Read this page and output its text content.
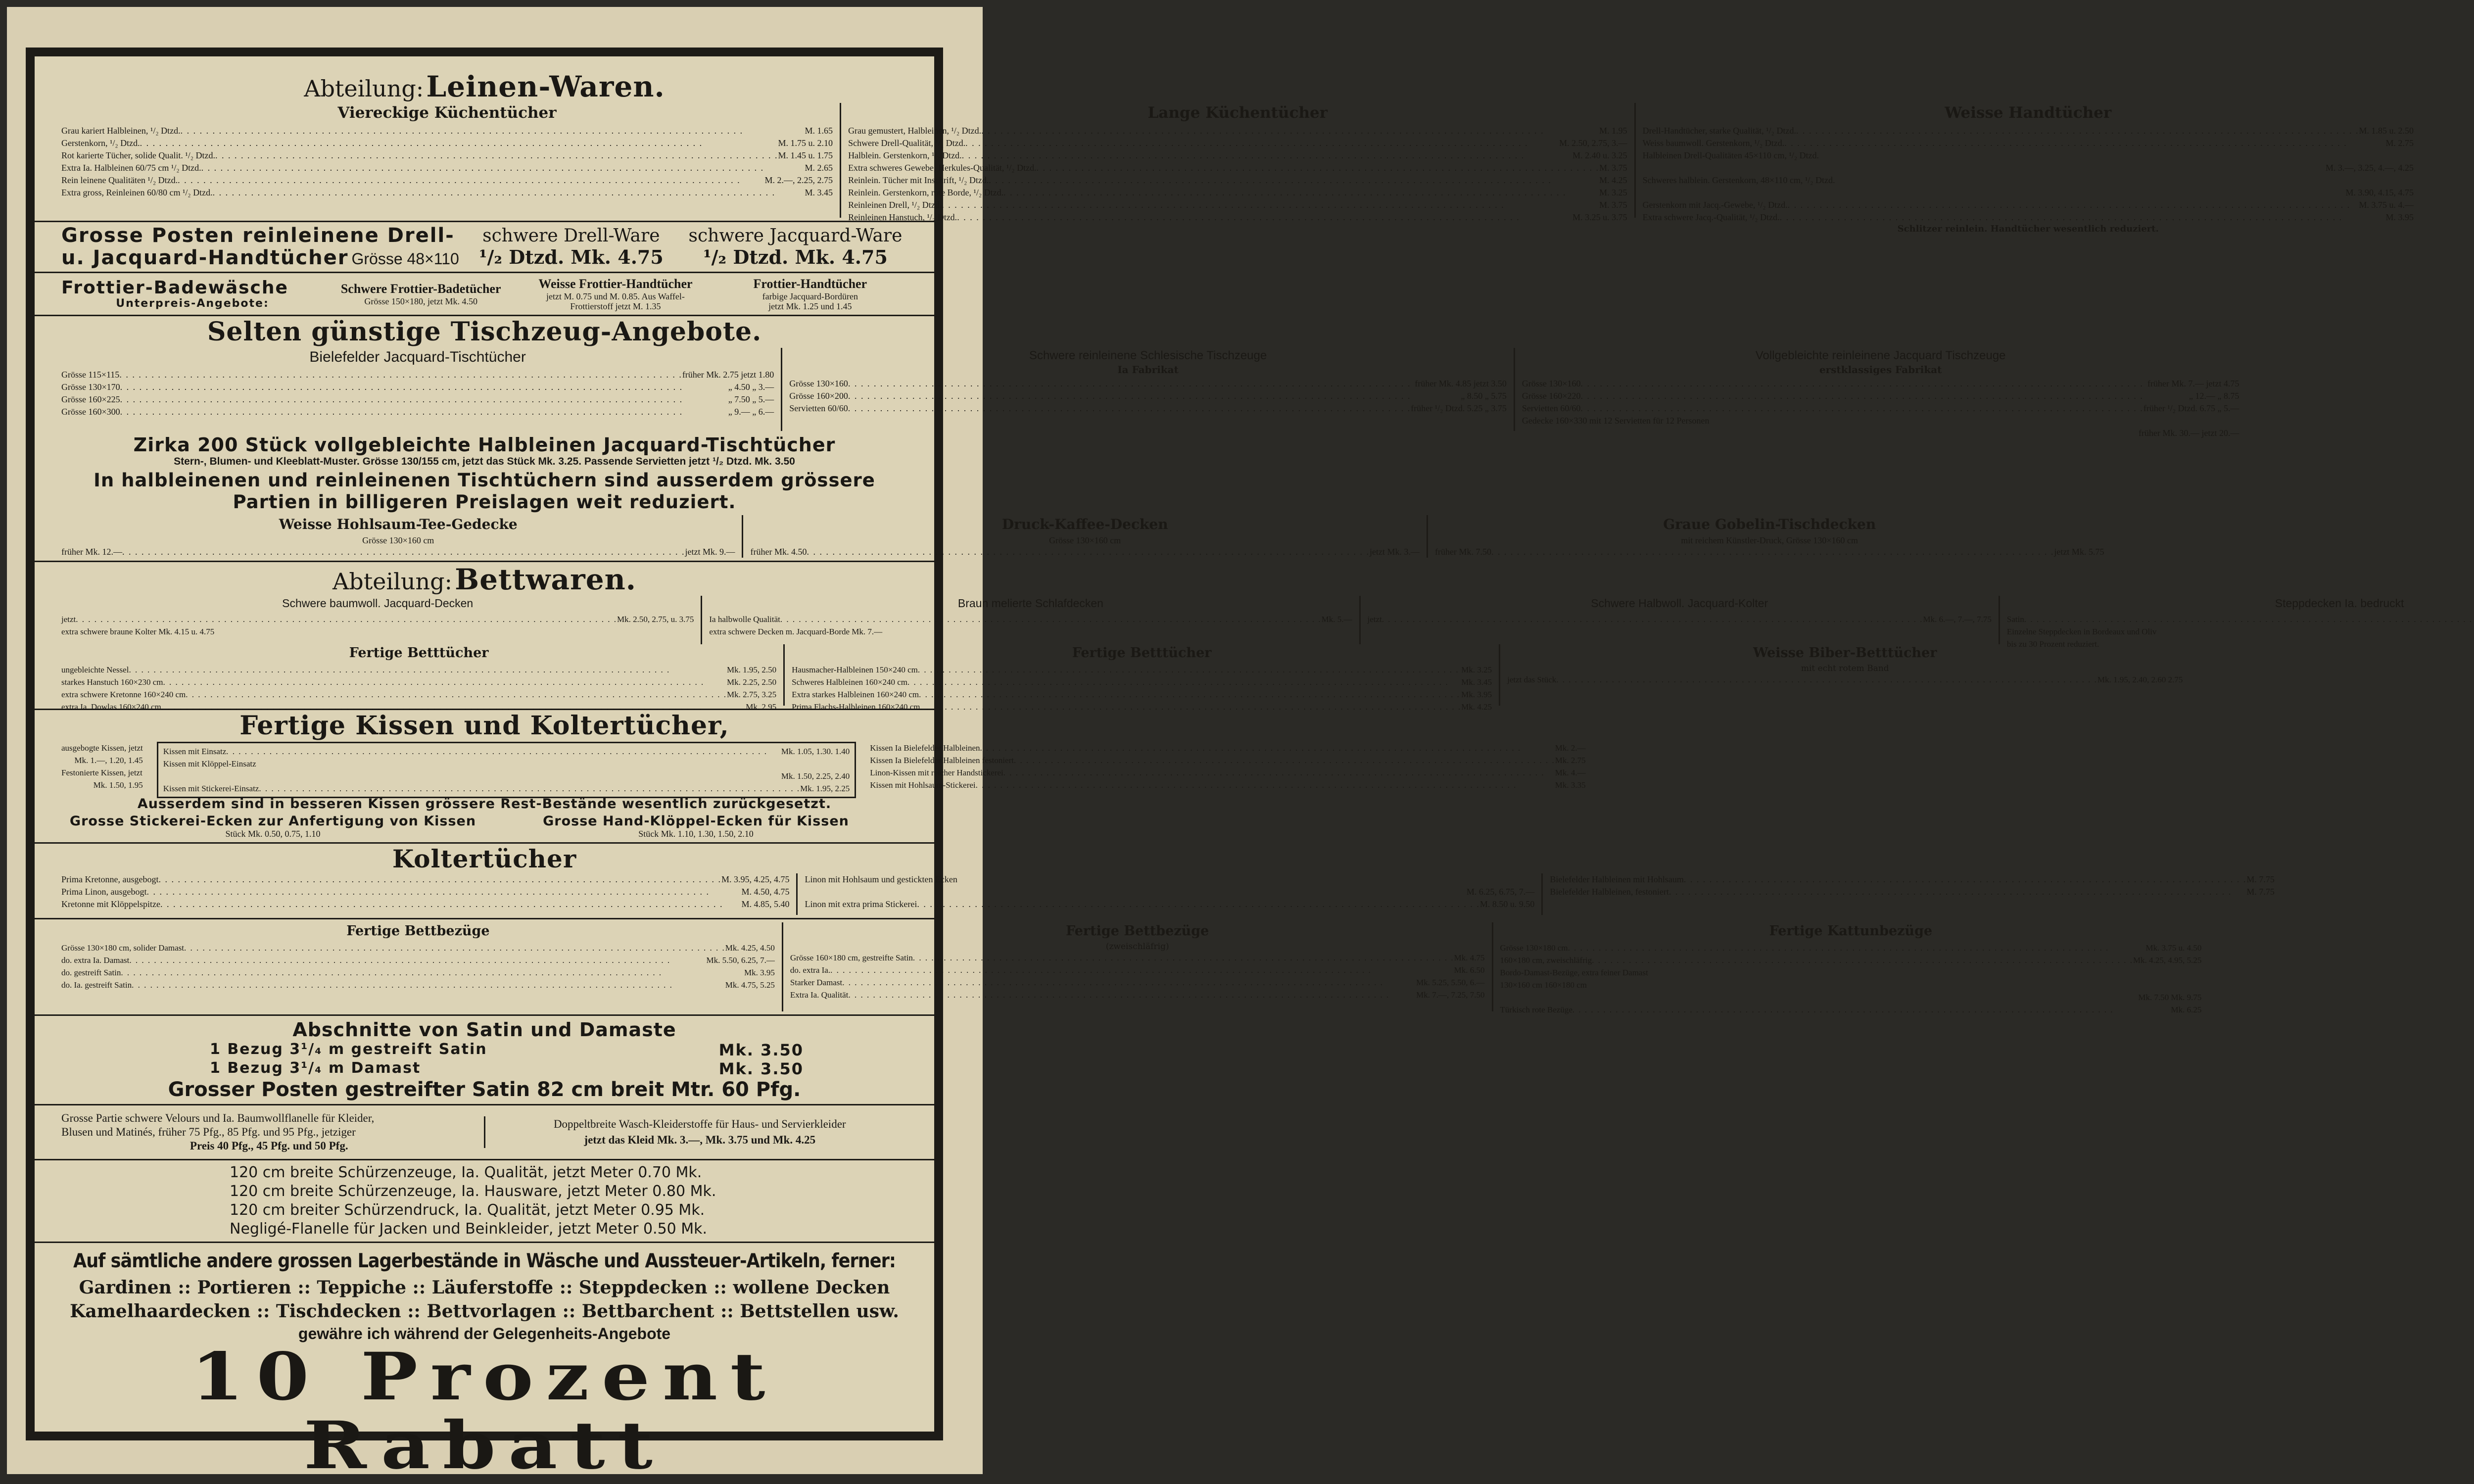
Abteilung: Leinen-Waren.
Viereckige Küchentücher
Grau kariert Halbleinen, ¹/₂ Dtzd. . . .	M. 1.65
Gerstenkorn, ¹/₂ Dtzd. . . .	M. 1.75 u. 2.10
Rot karierte Tücher, solide Qualit. ¹/₂ Dtzd. . . .	M. 1.45 u. 1.75
Extra Ia. Halbleinen 60/75 cm ¹/₂ Dtzd. . . .	M. 2.65
Rein leinene Qualitäten ¹/₂ Dtzd. . . .	M. 2.—, 2.25, 2.75
Extra gross, Reinleinen 60/80 cm ¹/₂ Dtzd. . . .	M. 3.45
Lange Küchentücher
Grau gemustert, Halbleinen, ¹/₂ Dtzd. . . .	M. 1.95
Schwere Drell-Qualität, ¹/₂ Dtzd. . . .	M. 2.50, 2.75, 3.—
Halblein. Gerstenkorn, ¹/₂ Dtzd. . . .	M. 2.40 u. 3.25
Extra schweres Gewebe, Herkules-Qualität, ¹/₂ Dtzd. . . .	M. 3.75
Reinlein. Tücher mit Inschrift, ¹/₂ Dtzd. . . .	M. 4.25
Reinlein. Gerstenkorn, rote Borde, ¹/₂ Dtzd. . . .	M. 3.25
Reinleinen Drell, ¹/₂ Dtzd. . . .	M. 3.75
Reinleinen Hanstuch, ¹/₂ Dtzd. . . .	M. 3.25 u. 3.75
Weisse Handtücher
Drell-Handtücher, starke Qualität, ¹/₂ Dtzd. . . .	M. 1.85 u. 2.50
Weiss baumwoll. Gerstenkorn, ¹/₂ Dtzd. . . .	M. 2.75
Halbleinen Drell-Qualitäten 45×110 cm, ¹/₂ Dtzd.
M. 3.—, 3.25, 4.—, 4.25
Schweres halblein. Gerstenkorn, 48×110 cm, ¹/₂ Dtzd.
M. 3.90, 4.15, 4.75
Gerstenkorn mit Jacq.-Gewebe, ¹/₂ Dtzd. . . .	M. 3.75 u. 4.—
Extra schwere Jacq.-Qualität, ¹/₂ Dtzd. . . .	M. 3.95
Schlitzer reinlein. Handtücher wesentlich reduziert.
Grosse Posten reinleinene Drell-
u. Jacquard-Handtücher Grösse 48×110
schwere Drell-Ware
¹/₂ Dtzd. Mk. 4.75
schwere Jacquard-Ware
¹/₂ Dtzd. Mk. 4.75
Frottier-Badewäsche
Unterpreis-Angebote:
Schwere Frottier-Badetücher
Grösse 150×180, jetzt Mk. 4.50
Weisse Frottier-Handtücher
jetzt M. 0.75 und M. 0.85. Aus Waffel-
Frottierstoff jetzt M. 1.35
Frottier-Handtücher
farbige Jacquard-Bordüren
jetzt Mk. 1.25 und 1.45
Selten günstige Tischzeug-Angebote.
Bielefelder Jacquard-Tischtücher
Grösse 115×115 . . .	früher Mk. 2.75 jetzt 1.80
Grösse 130×170 . . .	„ 4.50 „ 3.—
Grösse 160×225 . . .	„ 7.50 „ 5.—
Grösse 160×300 . . .	„ 9.— „ 6.—
Schwere reinleinene Schlesische Tischzeuge
Ia Fabrikat
Grösse 130×160 . . .	früher Mk. 4.85 jetzt 3.50
Grösse 160×200 . . .	„ 8.50 „ 5.75
Servietten 60/60 . . .	früher ¹/₂ Dtzd. 5.25 „ 3.75
Vollgebleichte reinleinene Jacquard Tischzeuge
erstklassiges Fabrikat
Grösse 130×160 . . .	früher Mk. 7.— jetzt 4.75
Grösse 160×220 . . .	„ 12.— „ 8.75
Servietten 60/60 . . .	früher ¹/₂ Dtzd. 6.75 „ 5.—
Gedecke 160×330 mit 12 Servietten für 12 Personen
früher Mk. 30.— jetzt 20.—
Zirka 200 Stück vollgebleichte Halbleinen Jacquard-Tischtücher
Stern-, Blumen- und Kleeblatt-Muster. Grösse 130/155 cm, jetzt das Stück Mk. 3.25. Passende Servietten jetzt ¹/₂ Dtzd. Mk. 3.50
In halbleinenen und reinleinenen Tischtüchern sind ausserdem grössere
Partien in billigeren Preislagen weit reduziert.
Weisse Hohlsaum-Tee-Gedecke
Grösse 130×160 cm
früher Mk. 12.— . . .	jetzt Mk. 9.—
Druck-Kaffee-Decken
Grösse 130×160 cm
früher Mk. 4.50 . . .	jetzt Mk. 3.—
Graue Gobelin-Tischdecken
mit reichem Künstler-Druck, Grösse 130×160 cm
früher Mk. 7.50 . . .	jetzt Mk. 5.75
Abteilung: Bettwaren.
Schwere baumwoll. Jacquard-Decken
jetzt . . .	Mk. 2.50, 2.75, u. 3.75
extra schwere braune Kolter Mk. 4.15 u. 4.75
Braun melierte Schlafdecken
Ia halbwolle Qualität . . .	Mk. 5.—
extra schwere Decken m. Jacquard-Borde Mk. 7.—
Schwere Halbwoll. Jacquard-Kolter
jetzt . . .	Mk. 6.—, 7.—, 7.75
Steppdecken Ia. bedruckt
Satin
. . .
Einzelne Steppdecken in Bordeaux und Oliv
bis zu 30 Prozent reduziert.
Fertige Betttücher
ungebleichte Nessel . . .	Mk. 1.95, 2.50
starkes Hanstuch 160×230 cm . . .	Mk. 2.25, 2.50
extra schwere Kretonne 160×240 cm . . .	Mk. 2.75, 3.25
extra Ia. Dowlas 160×240 cm . . .	Mk. 2.95
Fertige Betttücher
Hausmacher-Halbleinen 150×240 cm . . .	Mk. 3.25
Schweres Halbleinen 160×240 cm . . .	Mk. 3.45
Extra starkes Halbleinen 160×240 cm . . .	Mk. 3.95
Prima Flachs-Halbleinen 160×240 cm . . .	Mk. 4.25
Weisse Biber-Betttücher
mit echt rotem Band
jetzt das Stück . . .	Mk. 1.95, 2.40, 2.60 2.75
Fertige Kissen und Koltertücher,
ausgebogte Kissen, jetzt
Mk. 1.—, 1.20, 1.45
Festonierte Kissen, jetzt
Mk. 1.50, 1.95
Kissen mit Einsatz . . .	Mk. 1.05, 1.30. 1.40
Kissen mit Klöppel-Einsatz
Mk. 1.50, 2.25, 2.40
Kissen mit Stickerei-Einsatz . . .	Mk. 1.95, 2.25
Kissen Ia Bielefelder Halbleinen . . .	Mk. 2.—
Kissen Ia Bielefelder Halbleinen festoniert . . .	Mk. 2.75
Linon-Kissen mit reicher Handstickerei . . .	Mk. 4.—
Kissen mit Hohlsaum-Stickerei . . .	Mk. 3.35
Ausserdem sind in besseren Kissen grössere Rest-Bestände wesentlich zurückgesetzt.
Grosse Stickerei-Ecken zur Anfertigung von Kissen
Stück Mk. 0.50, 0.75, 1.10
Grosse Hand-Klöppel-Ecken für Kissen
Stück Mk. 1.10, 1.30, 1.50, 2.10
Koltertücher
Prima Kretonne, ausgebogt . . .	M. 3.95, 4.25, 4.75
Prima Linon, ausgebogt . . .	M. 4.50, 4.75
Kretonne mit Klöppelspitze . . .	M. 4.85, 5.40
Linon mit Hohlsaum und gestickten Ecken
M. 6.25, 6.75, 7.—
Linon mit extra prima Stickerei . . .	M. 8.50 u. 9.50
Bielefelder Halbleinen mit Hohlsaum . . .	M. 7.75
Bielefelder Halbleinen, festoniert . . .	M. 7.75
Fertige Bettbezüge
Grösse 130×180 cm, solider Damast . . .	Mk. 4.25, 4.50
do. extra Ia. Damast . . .	Mk. 5.50, 6.25, 7.—
do. gestreift Satin . . .	Mk. 3.95
do. Ia. gestreift Satin . . .	Mk. 4.75, 5.25
Fertige Bettbezüge
(zweischläfrig)
Grösse 160×180 cm, gestreifte Satin . . .	Mk. 4.75
do. extra Ia. . . .	Mk. 6.50
Starker Damast . . .	Mk. 5.25, 5.50, 6.—
Extra Ia. Qualität . . .	Mk. 7.—, 7.25, 7.50
Fertige Kattunbezüge
Grösse 130×180 cm . . .	Mk. 3.75 u. 4.50
160×180 cm, zweischläfrig . . .	Mk. 4.25, 4.95, 5.25
Bordo-Damast-Bezüge, extra feiner Damast
130×160 cm 160×180 cm
Mk. 7.50 Mk. 9.75
Türkisch rote Bezüge . . .	Mk. 6.25
Abschnitte von Satin und Damaste
1 Bezug 3¹/₄ m gestreift Satin	Mk. 3.50
1 Bezug 3¹/₄ m Damast	Mk. 3.50
Grosser Posten gestreifter Satin 82 cm breit Mtr. 60 Pfg.
Grosse Partie schwere Velours und Ia. Baumwollflanelle für Kleider,
Blusen und Matinés, früher 75 Pfg., 85 Pfg. und 95 Pfg., jetziger
Preis 40 Pfg., 45 Pfg. und 50 Pfg.
Doppeltbreite Wasch-Kleiderstoffe für Haus- und Servierkleider
jetzt das Kleid Mk. 3.—, Mk. 3.75 und Mk. 4.25
120 cm breite Schürzenzeuge, Ia. Qualität, jetzt Meter 0.70 Mk.
120 cm breite Schürzenzeuge, Ia. Hausware, jetzt Meter 0.80 Mk.
120 cm breiter Schürzendruck, Ia. Qualität, jetzt Meter 0.95 Mk.
Negligé-Flanelle für Jacken und Beinkleider, jetzt Meter 0.50 Mk.
Auf sämtliche andere grossen Lagerbestände in Wäsche und Aussteuer-Artikeln, ferner:
Gardinen :: Portieren :: Teppiche :: Läuferstoffe :: Steppdecken :: wollene Decken
Kamelhaardecken :: Tischdecken :: Bettvorlagen :: Bettbarchent :: Bettstellen usw.
gewähre ich während der Gelegenheits-Angebote
10 Prozent Rabatt
